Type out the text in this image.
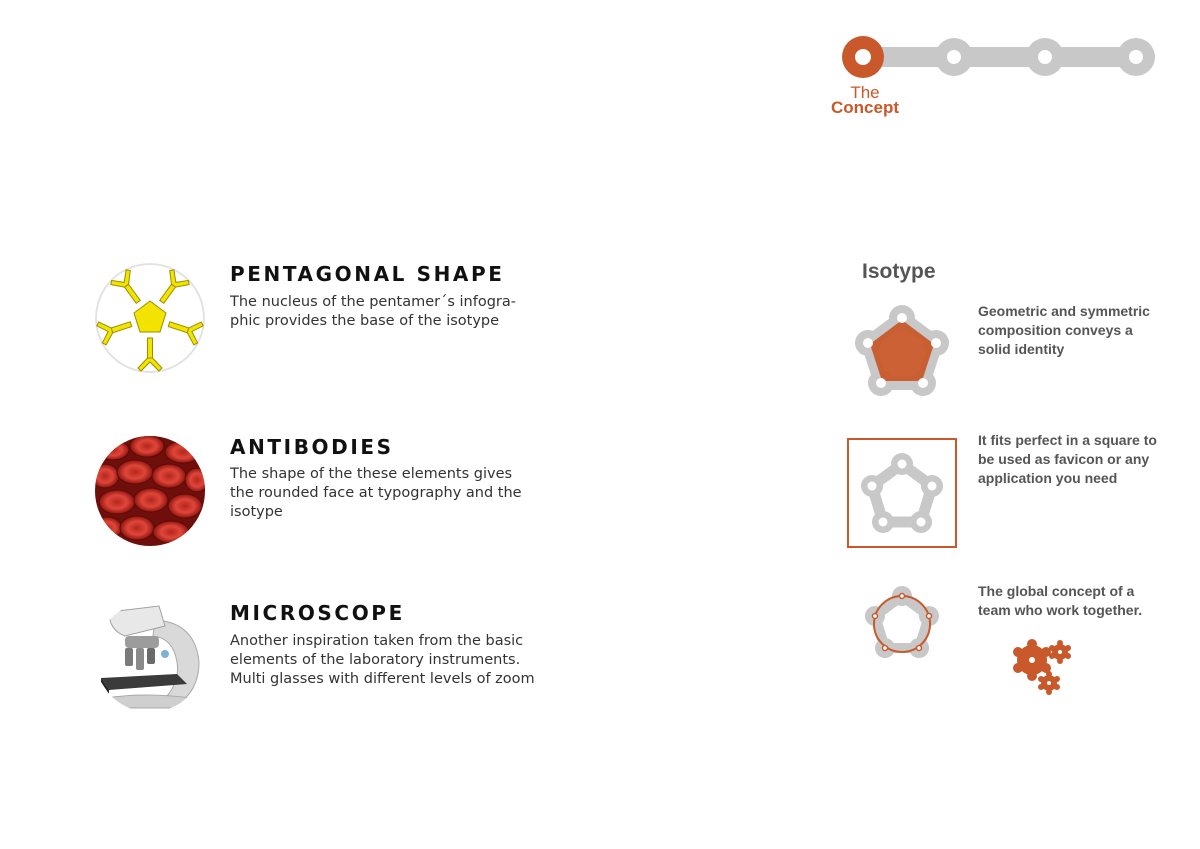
The
Concept
PENTAGONAL SHAPE

The nucleus of the pentamer´s infogra- phic provides the base of the isotype

ANTIBODIES

The shape of the these elements gives the rounded face at typography and the isotype

MICROSCOPE

Another inspiration taken from the basic elements of the laboratory instruments. Multi glasses with different levels of zoom

Isotype

Geometric and symmetric composition conveys a solid identity

It fits perfect in a square to be used as favicon or any application you need

The global concept of a team who work together.
